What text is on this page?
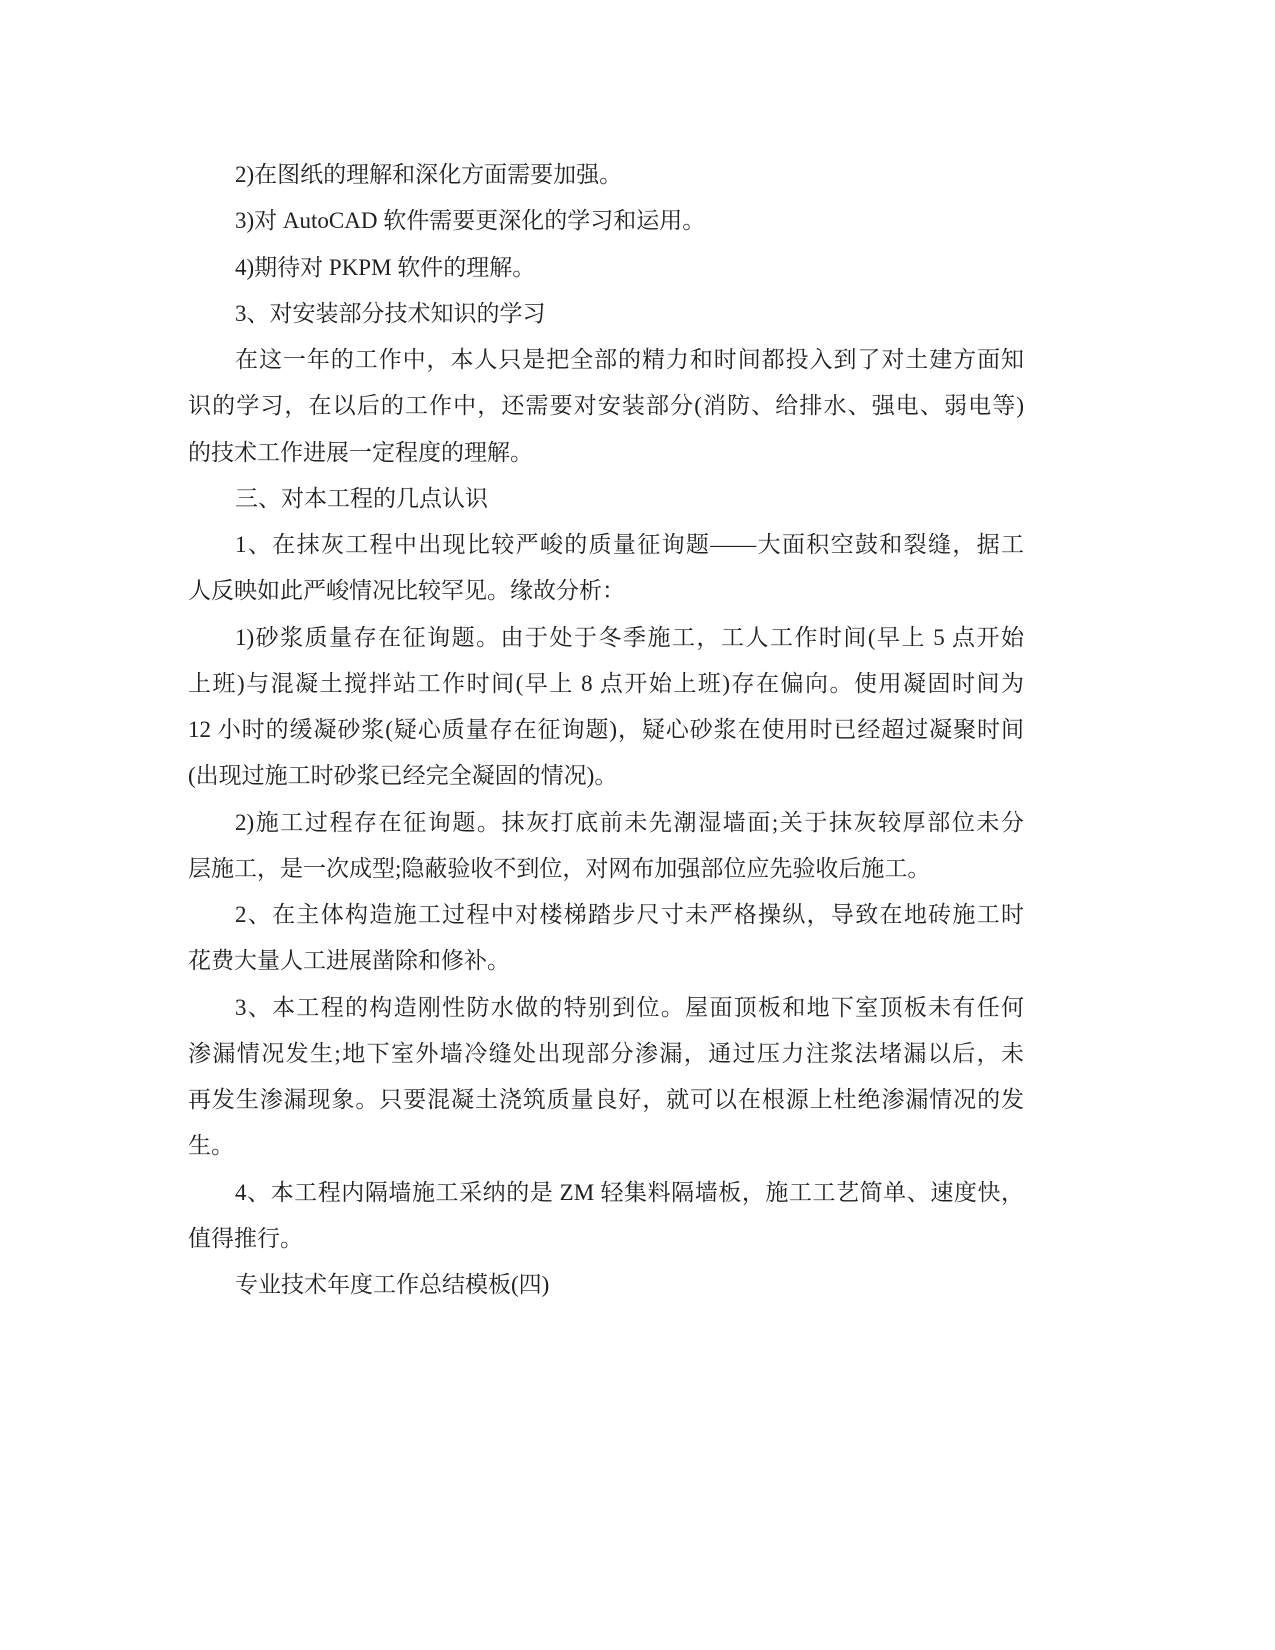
2)在图纸的理解和深化方面需要加强。
3)对 AutoCAD 软件需要更深化的学习和运用。
4)期待对 PKPM 软件的理解。
3、对安装部分技术知识的学习
在这一年的工作中，本人只是把全部的精力和时间都投入到了对土建方面知
识的学习，在以后的工作中，还需要对安装部分(消防、给排水、强电、弱电等)
的技术工作进展一定程度的理解。
三、对本工程的几点认识
1、在抹灰工程中出现比较严峻的质量征询题——大面积空鼓和裂缝，据工
人反映如此严峻情况比较罕见。缘故分析：
1)砂浆质量存在征询题。由于处于冬季施工，工人工作时间(早上 5 点开始
上班)与混凝土搅拌站工作时间(早上 8 点开始上班)存在偏向。使用凝固时间为
12 小时的缓凝砂浆(疑心质量存在征询题)，疑心砂浆在使用时已经超过凝聚时间
(出现过施工时砂浆已经完全凝固的情况)。
2)施工过程存在征询题。抹灰打底前未先潮湿墙面;关于抹灰较厚部位未分
层施工，是一次成型;隐蔽验收不到位，对网布加强部位应先验收后施工。
2、在主体构造施工过程中对楼梯踏步尺寸未严格操纵，导致在地砖施工时
花费大量人工进展凿除和修补。
3、本工程的构造刚性防水做的特别到位。屋面顶板和地下室顶板未有任何
渗漏情况发生;地下室外墙冷缝处出现部分渗漏，通过压力注浆法堵漏以后，未
再发生渗漏现象。只要混凝土浇筑质量良好，就可以在根源上杜绝渗漏情况的发
生。
4、本工程内隔墙施工采纳的是 ZM 轻集料隔墙板，施工工艺简单、速度快，
值得推行。
专业技术年度工作总结模板(四)
